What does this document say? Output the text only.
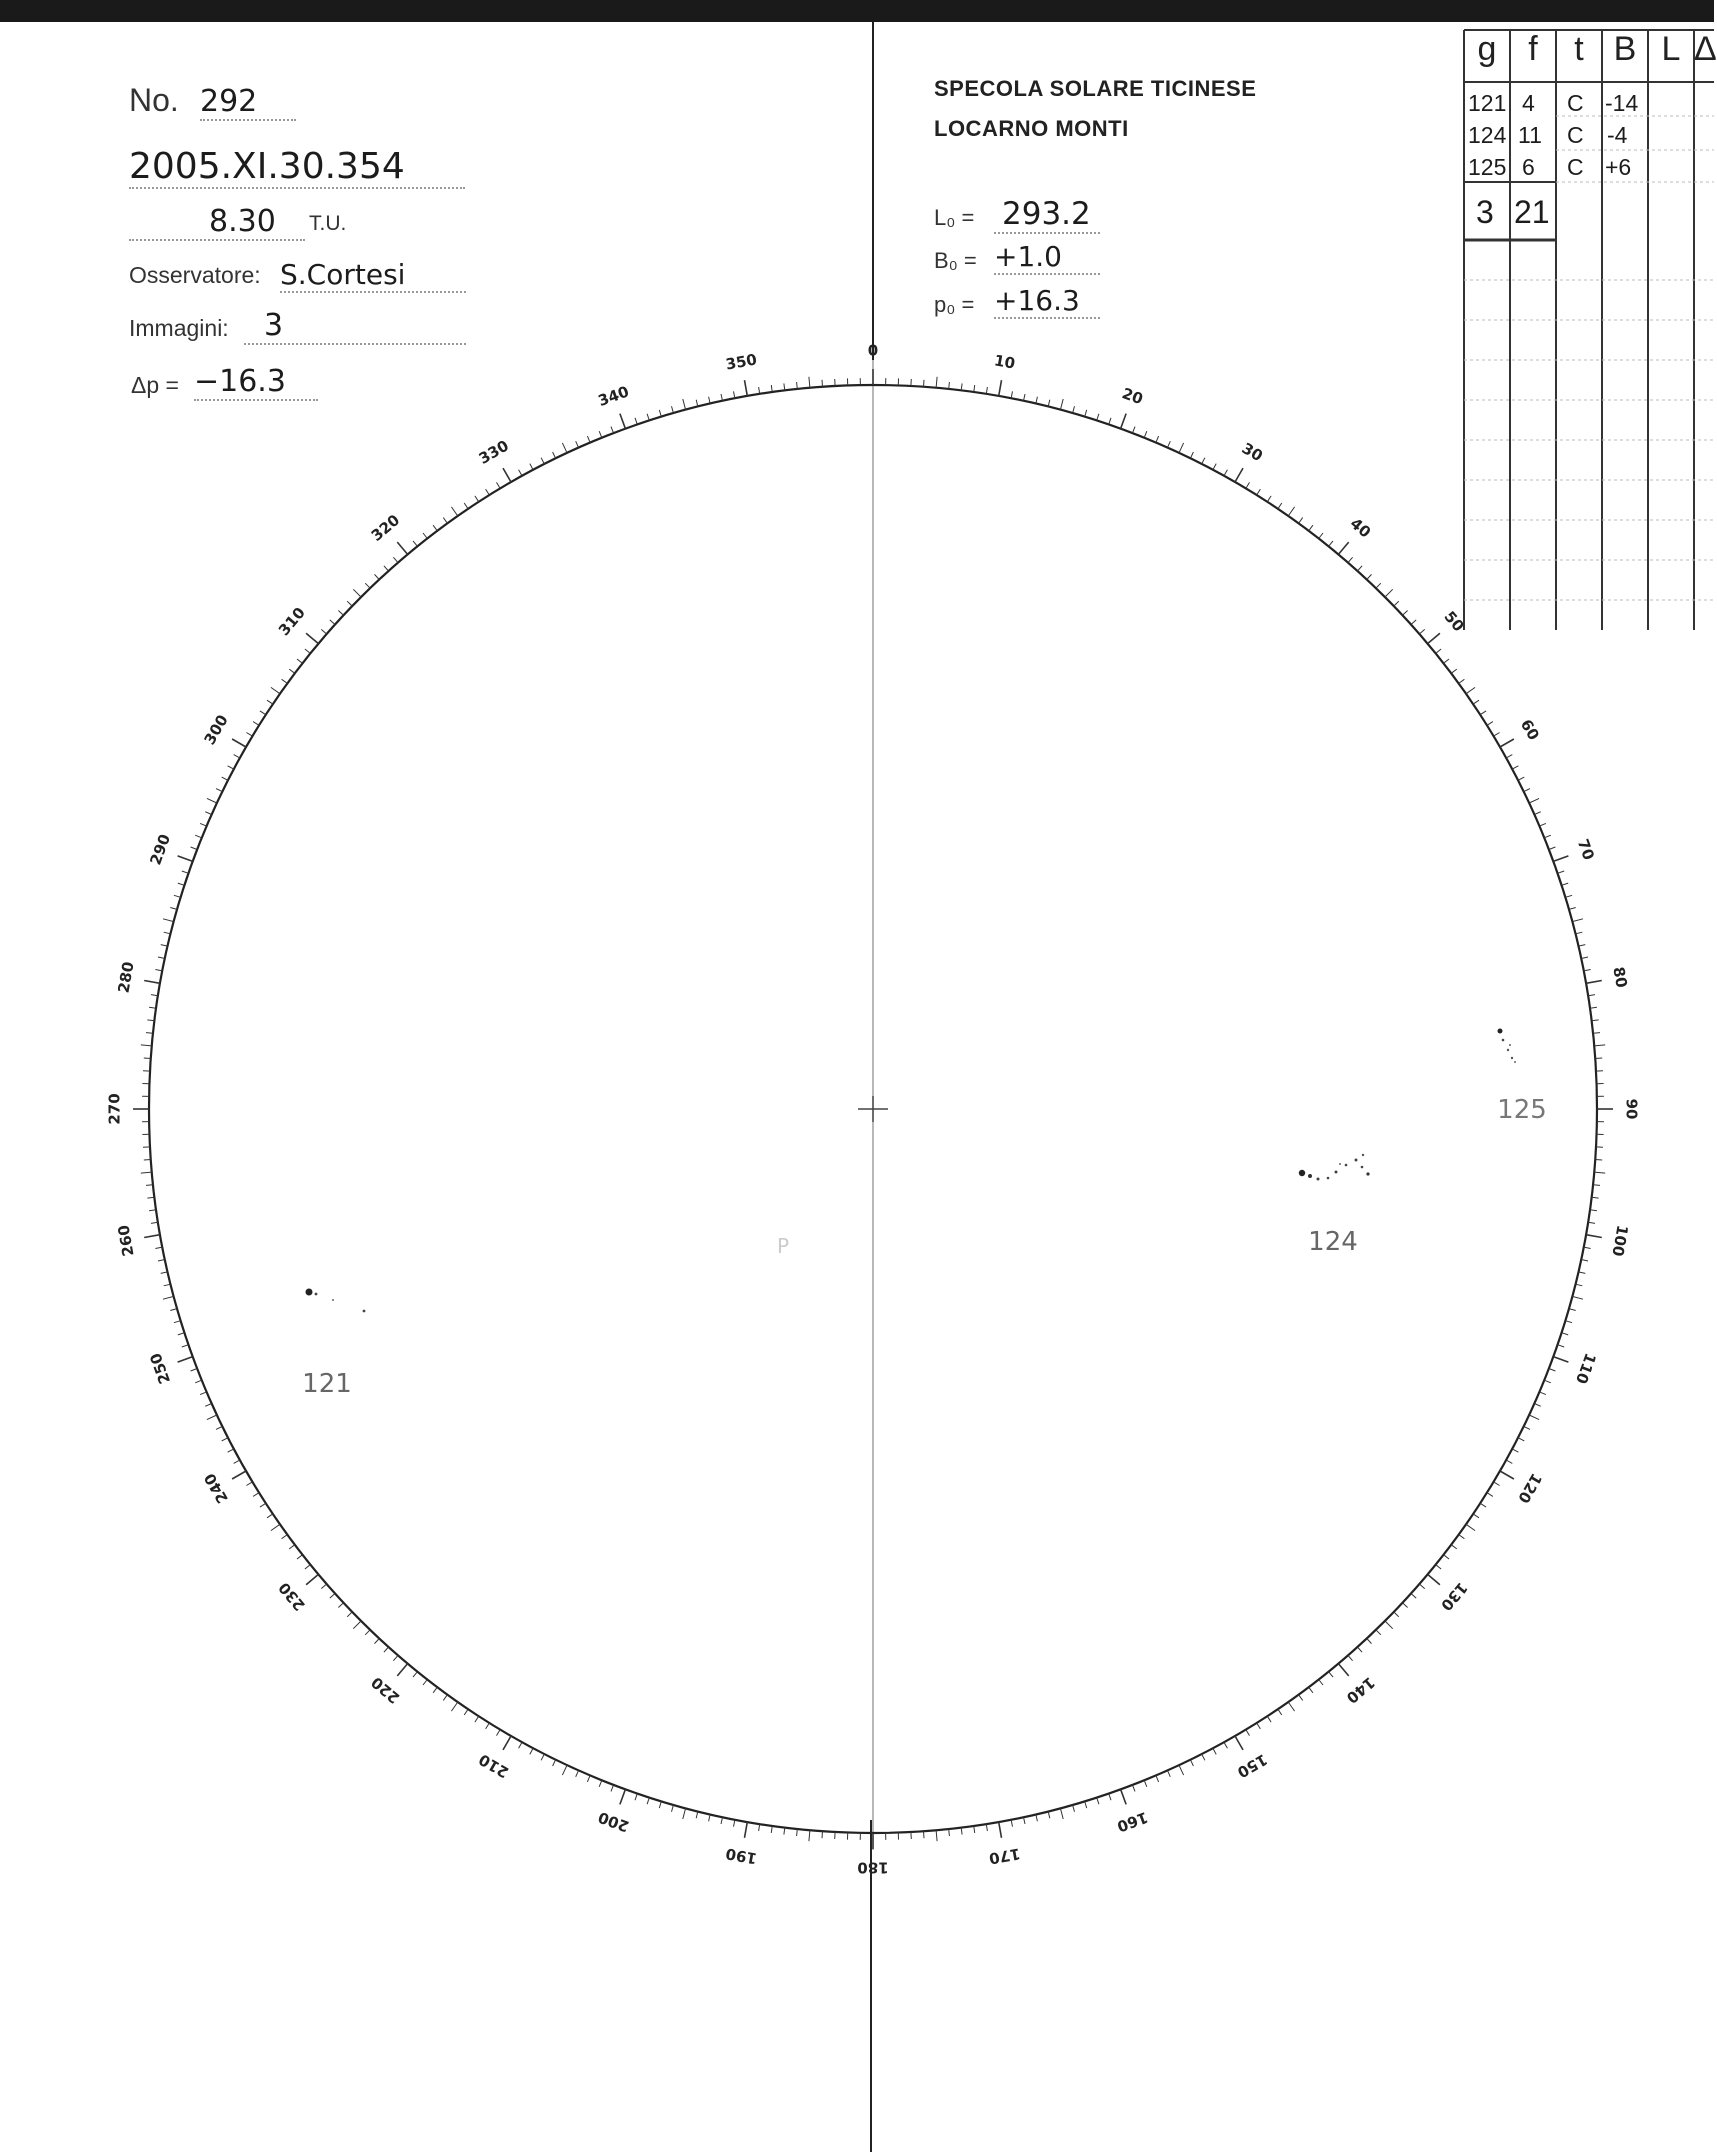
No. 292
2005.XI.30.354
8.30	T.U.
Osservatore: S.Cortesi
Immagini:	3
Δp = −16.3
SPECOLA SOLARE TICINESE
LOCARNO MONTI
L₀ = 293.2
B₀ = +1.0
p₀ = +16.3
0
10
20
30
40
50
60
70
80
90
100
110
120
130
140
150
160
170
180
190
200
210
220
230
240
250
260
270
280
290
300
310
320
330
340
350
121
124
125
P
g f	t B L Δ
121 4 C -14
124 11 C -4
125 6 C +6
3 21
